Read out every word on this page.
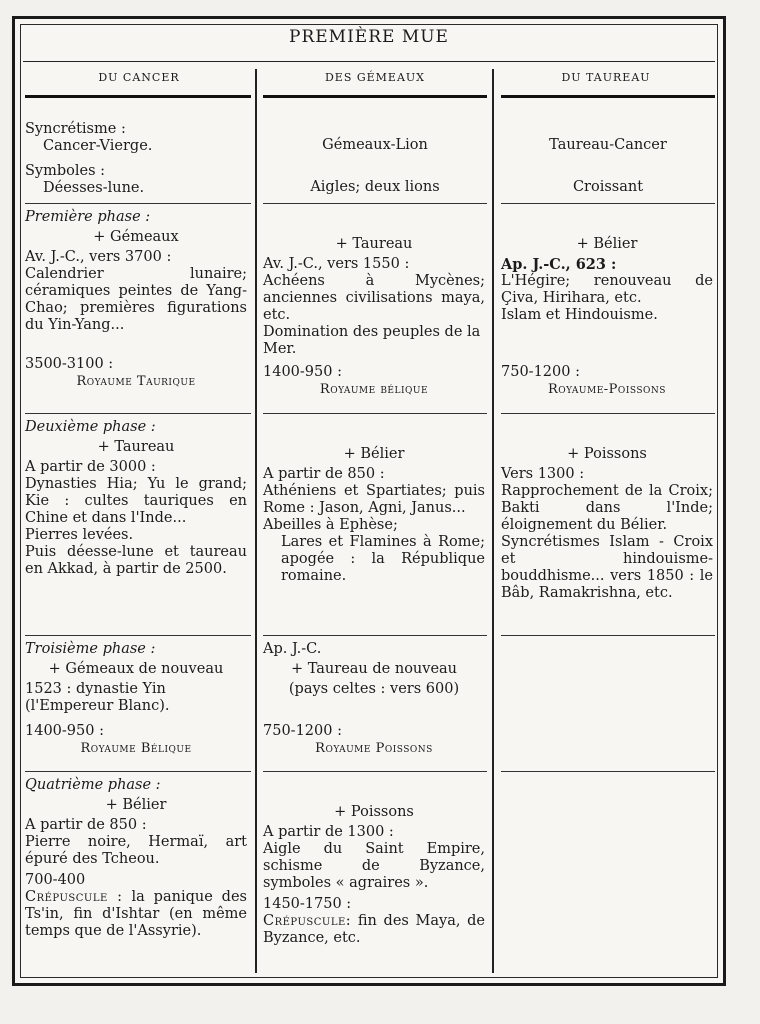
PREMIÈRE MUE
DU CANCER	DES GÉMEAUX	DU TAUREAU

Syncrétisme :

Cancer-Vierge.

Symboles :

Déesses-lune.

Gémeaux-Lion

Aigles; deux lions

Taureau-Cancer

Croissant

Première phase :

+ Gémeaux

Av. J.-C., vers 3700 :

Calendrier lunaire; céramiques peintes de Yang-Chao; premières figurations du Yin-Yang...

3500-3100 :

Royaume Taurique

+ Taureau

Av. J.-C., vers 1550 :

Achéens à Mycènes; anciennes civilisations maya, etc.

Domination des peuples de la Mer.

1400-950 :

Royaume bélique

+ Bélier

Ap. J.-C., 623 :

L'Hégire; renouveau de Çiva, Hirihara, etc.

Islam et Hindouisme.

750-1200 :

Royaume-Poissons

Deuxième phase :

+ Taureau

A partir de 3000 :

Dynasties Hia; Yu le grand; Kie : cultes tauriques en Chine et dans l'Inde...

Pierres levées.

Puis déesse-lune et taureau en Akkad, à partir de 2500.

+ Bélier

A partir de 850 :

Athéniens et Spartiates; puis Rome : Jason, Agni, Janus...

Abeilles à Ephèse;

Lares et Flamines à Rome; apogée : la République romaine.

+ Poissons

Vers 1300 :

Rapprochement de la Croix; Bakti dans l'Inde; éloignement du Bélier.

Syncrétismes Islam - Croix et hindouisme-bouddhisme... vers 1850 : le Bâb, Ramakrishna, etc.

Troisième phase :

+ Gémeaux de nouveau

1523 : dynastie Yin (l'Empereur Blanc).

1400-950 :

Royaume Bélique

Ap. J.-C.

+ Taureau de nouveau

(pays celtes : vers 600)

750-1200 :

Royaume Poissons

Quatrième phase :

+ Bélier

A partir de 850 :

Pierre noire, Hermaï, art épuré des Tcheou.

700-400

Crépuscule : la panique des Ts'in, fin d'Ishtar (en même temps que de l'Assyrie).

+ Poissons

A partir de 1300 :

Aigle du Saint Empire, schisme de Byzance, symboles « agraires ».

1450-1750 :

Crépuscule: fin des Maya, de Byzance, etc.
